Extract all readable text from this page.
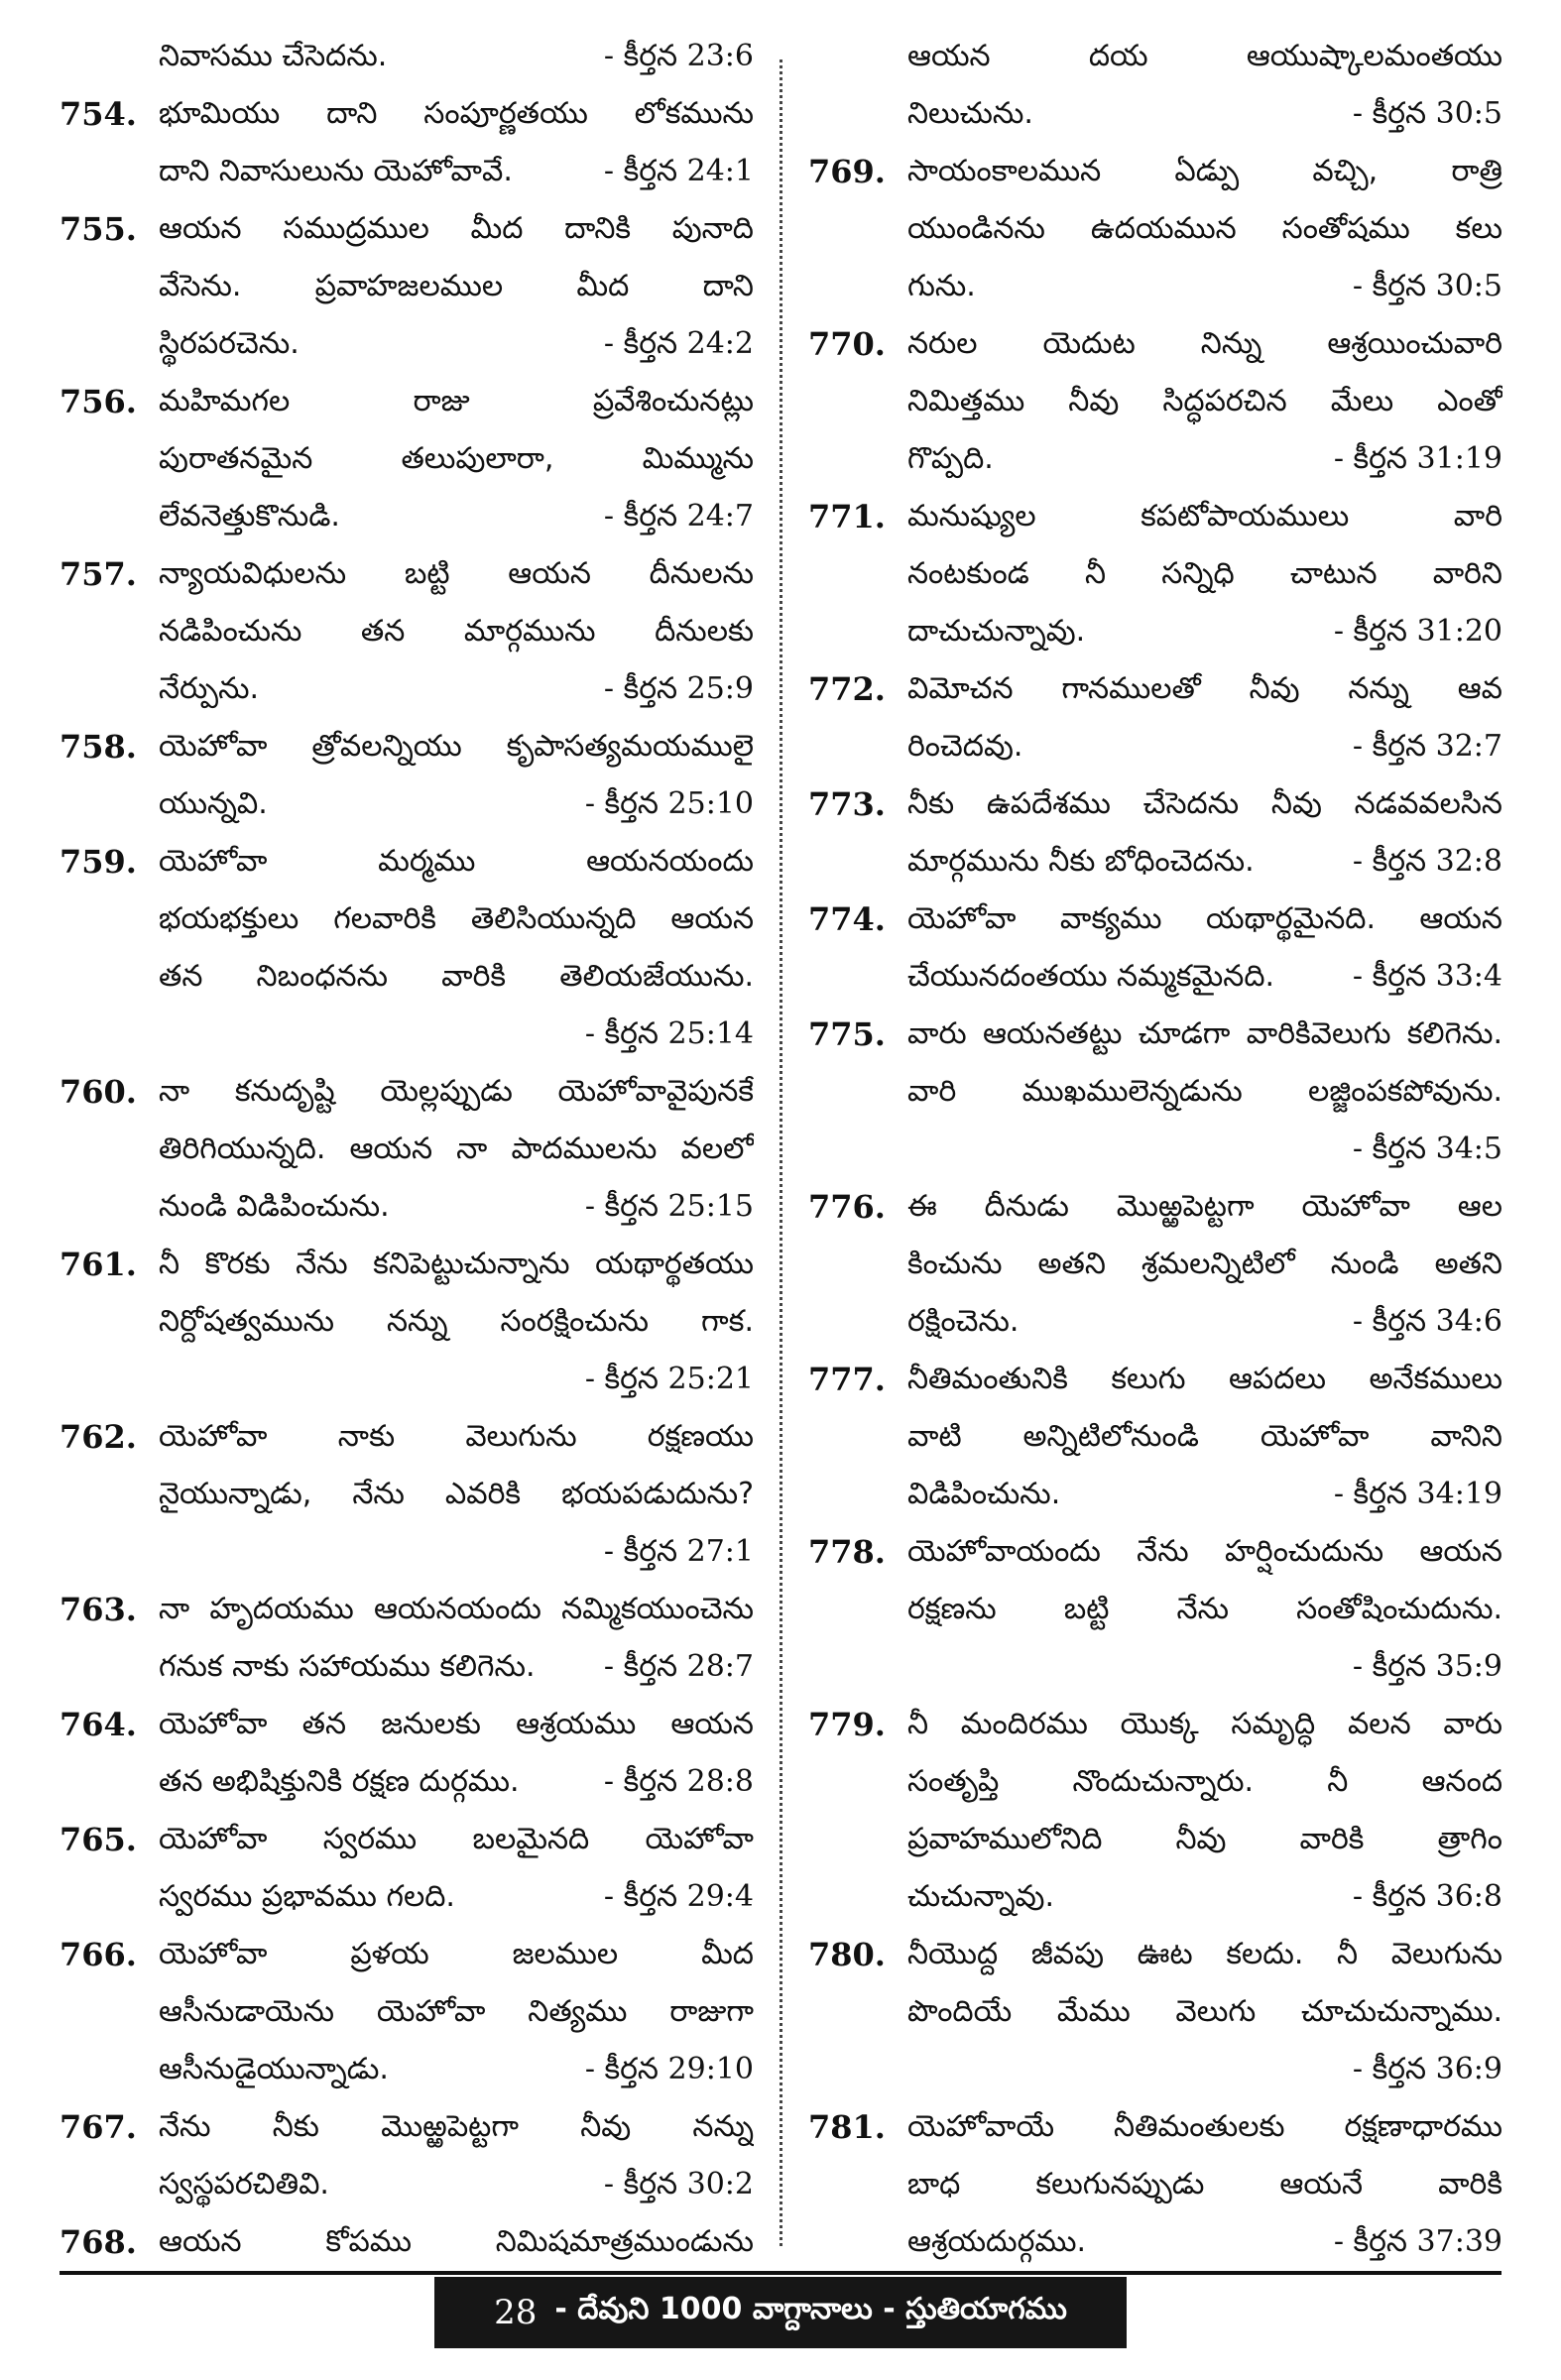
నివాసము చేసెదను.	- కీర్తన 23:6
754. భూమియు దాని సంపూర్ణతయు లోకమును
దాని నివాసులును యెహోవావే.	- కీర్తన 24:1
755. ఆయన సముద్రముల మీద దానికి పునాది
వేసెను. ప్రవాహజలముల మీద దాని
స్థిరపరచెను.	- కీర్తన 24:2
756. మహిమగల రాజు ప్రవేశించునట్లు
పురాతనమైన తలుపులారా, మిమ్మును
లేవనెత్తుకొనుడి.	- కీర్తన 24:7
757. న్యాయవిధులను బట్టి ఆయన దీనులను
నడిపించును తన మార్గమును దీనులకు
నేర్పును.	- కీర్తన 25:9
758. యెహోవా త్రోవలన్నియు కృపాసత్యమయములై
యున్నవి.	- కీర్తన 25:10
759. యెహోవా మర్మము ఆయనయందు
భయభక్తులు గలవారికి తెలిసియున్నది ఆయన
తన నిబంధనను వారికి తెలియజేయును.
- కీర్తన 25:14
760. నా కనుదృష్టి యెల్లప్పుడు యెహోవావైపునకే
తిరిగియున్నది. ఆయన నా పాదములను వలలో
నుండి విడిపించును.	- కీర్తన 25:15
761. నీ కొరకు నేను కనిపెట్టుచున్నాను యథార్థతయు
నిర్దోషత్వమును నన్ను సంరక్షించును గాక.
- కీర్తన 25:21
762. యెహోవా నాకు వెలుగును రక్షణయు
నైయున్నాడు, నేను ఎవరికి భయపడుదును?
- కీర్తన 27:1
763. నా హృదయము ఆయనయందు నమ్మికయుంచెను
గనుక నాకు సహాయము కలిగెను. - కీర్తన 28:7
764. యెహోవా తన జనులకు ఆశ్రయము ఆయన
తన అభిషిక్తునికి రక్షణ దుర్గము.	- కీర్తన 28:8
765. యెహోవా స్వరము బలమైనది యెహోవా
స్వరము ప్రభావము గలది.	- కీర్తన 29:4
766. యెహోవా ప్రళయ జలముల మీద
ఆసీనుడాయెను యెహోవా నిత్యము రాజుగా
ఆసీనుడైయున్నాడు.	- కీర్తన 29:10
767. నేను నీకు మొఱ్ఱపెట్టగా నీవు నన్ను
స్వస్థపరచితివి.	- కీర్తన 30:2
768. ఆయన కోపము నిమిషమాత్రముండును
ఆయన దయ ఆయుష్కాలమంతయు
నిలుచును.	- కీర్తన 30:5
769. సాయంకాలమున ఏడ్పు వచ్చి, రాత్రి
యుండినను ఉదయమున సంతోషము కలు
గును.	- కీర్తన 30:5
770. నరుల యెదుట నిన్ను ఆశ్రయించువారి
నిమిత్తము నీవు సిద్ధపరచిన మేలు ఎంతో
గొప్పది.	- కీర్తన 31:19
771. మనుష్యుల కపటోపాయములు వారి
నంటకుండ నీ సన్నిధి చాటున వారిని
దాచుచున్నావు.	- కీర్తన 31:20
772. విమోచన గానములతో నీవు నన్ను ఆవ
రించెదవు.	- కీర్తన 32:7
773. నీకు ఉపదేశము చేసెదను నీవు నడవవలసిన
మార్గమును నీకు బోధించెదను.	- కీర్తన 32:8
774. యెహోవా వాక్యము యథార్థమైనది. ఆయన
చేయునదంతయు నమ్మకమైనది.	- కీర్తన 33:4
775. వారు ఆయనతట్టు చూడగా వారికివెలుగు కలిగెను.
వారి ముఖములెన్నడును లజ్జింపకపోవును.
- కీర్తన 34:5
776. ఈ దీనుడు మొఱ్ఱపెట్టగా యెహోవా ఆల
కించును అతని శ్రమలన్నిటిలో నుండి అతని
రక్షించెను.	- కీర్తన 34:6
777. నీతిమంతునికి కలుగు ఆపదలు అనేకములు
వాటి అన్నిటిలోనుండి యెహోవా వానిని
విడిపించును.	- కీర్తన 34:19
778. యెహోవాయందు నేను హర్షించుదును ఆయన
రక్షణను బట్టి నేను సంతోషించుదును.
- కీర్తన 35:9
779. నీ మందిరము యొక్క సమృద్ధి వలన వారు
సంతృప్తి నొందుచున్నారు. నీ ఆనంద
ప్రవాహములోనిది నీవు వారికి త్రాగిం
చుచున్నావు.	- కీర్తన 36:8
780. నీయొద్ద జీవపు ఊట కలదు. నీ వెలుగును
పొందియే మేము వెలుగు చూచుచున్నాము.
- కీర్తన 36:9
781. యెహోవాయే నీతిమంతులకు రక్షణాధారము
బాధ కలుగునప్పుడు ఆయనే వారికి
ఆశ్రయదుర్గము.	- కీర్తన 37:39
28 - దేవుని 1000 వాగ్దానాలు - స్తుతియాగము
